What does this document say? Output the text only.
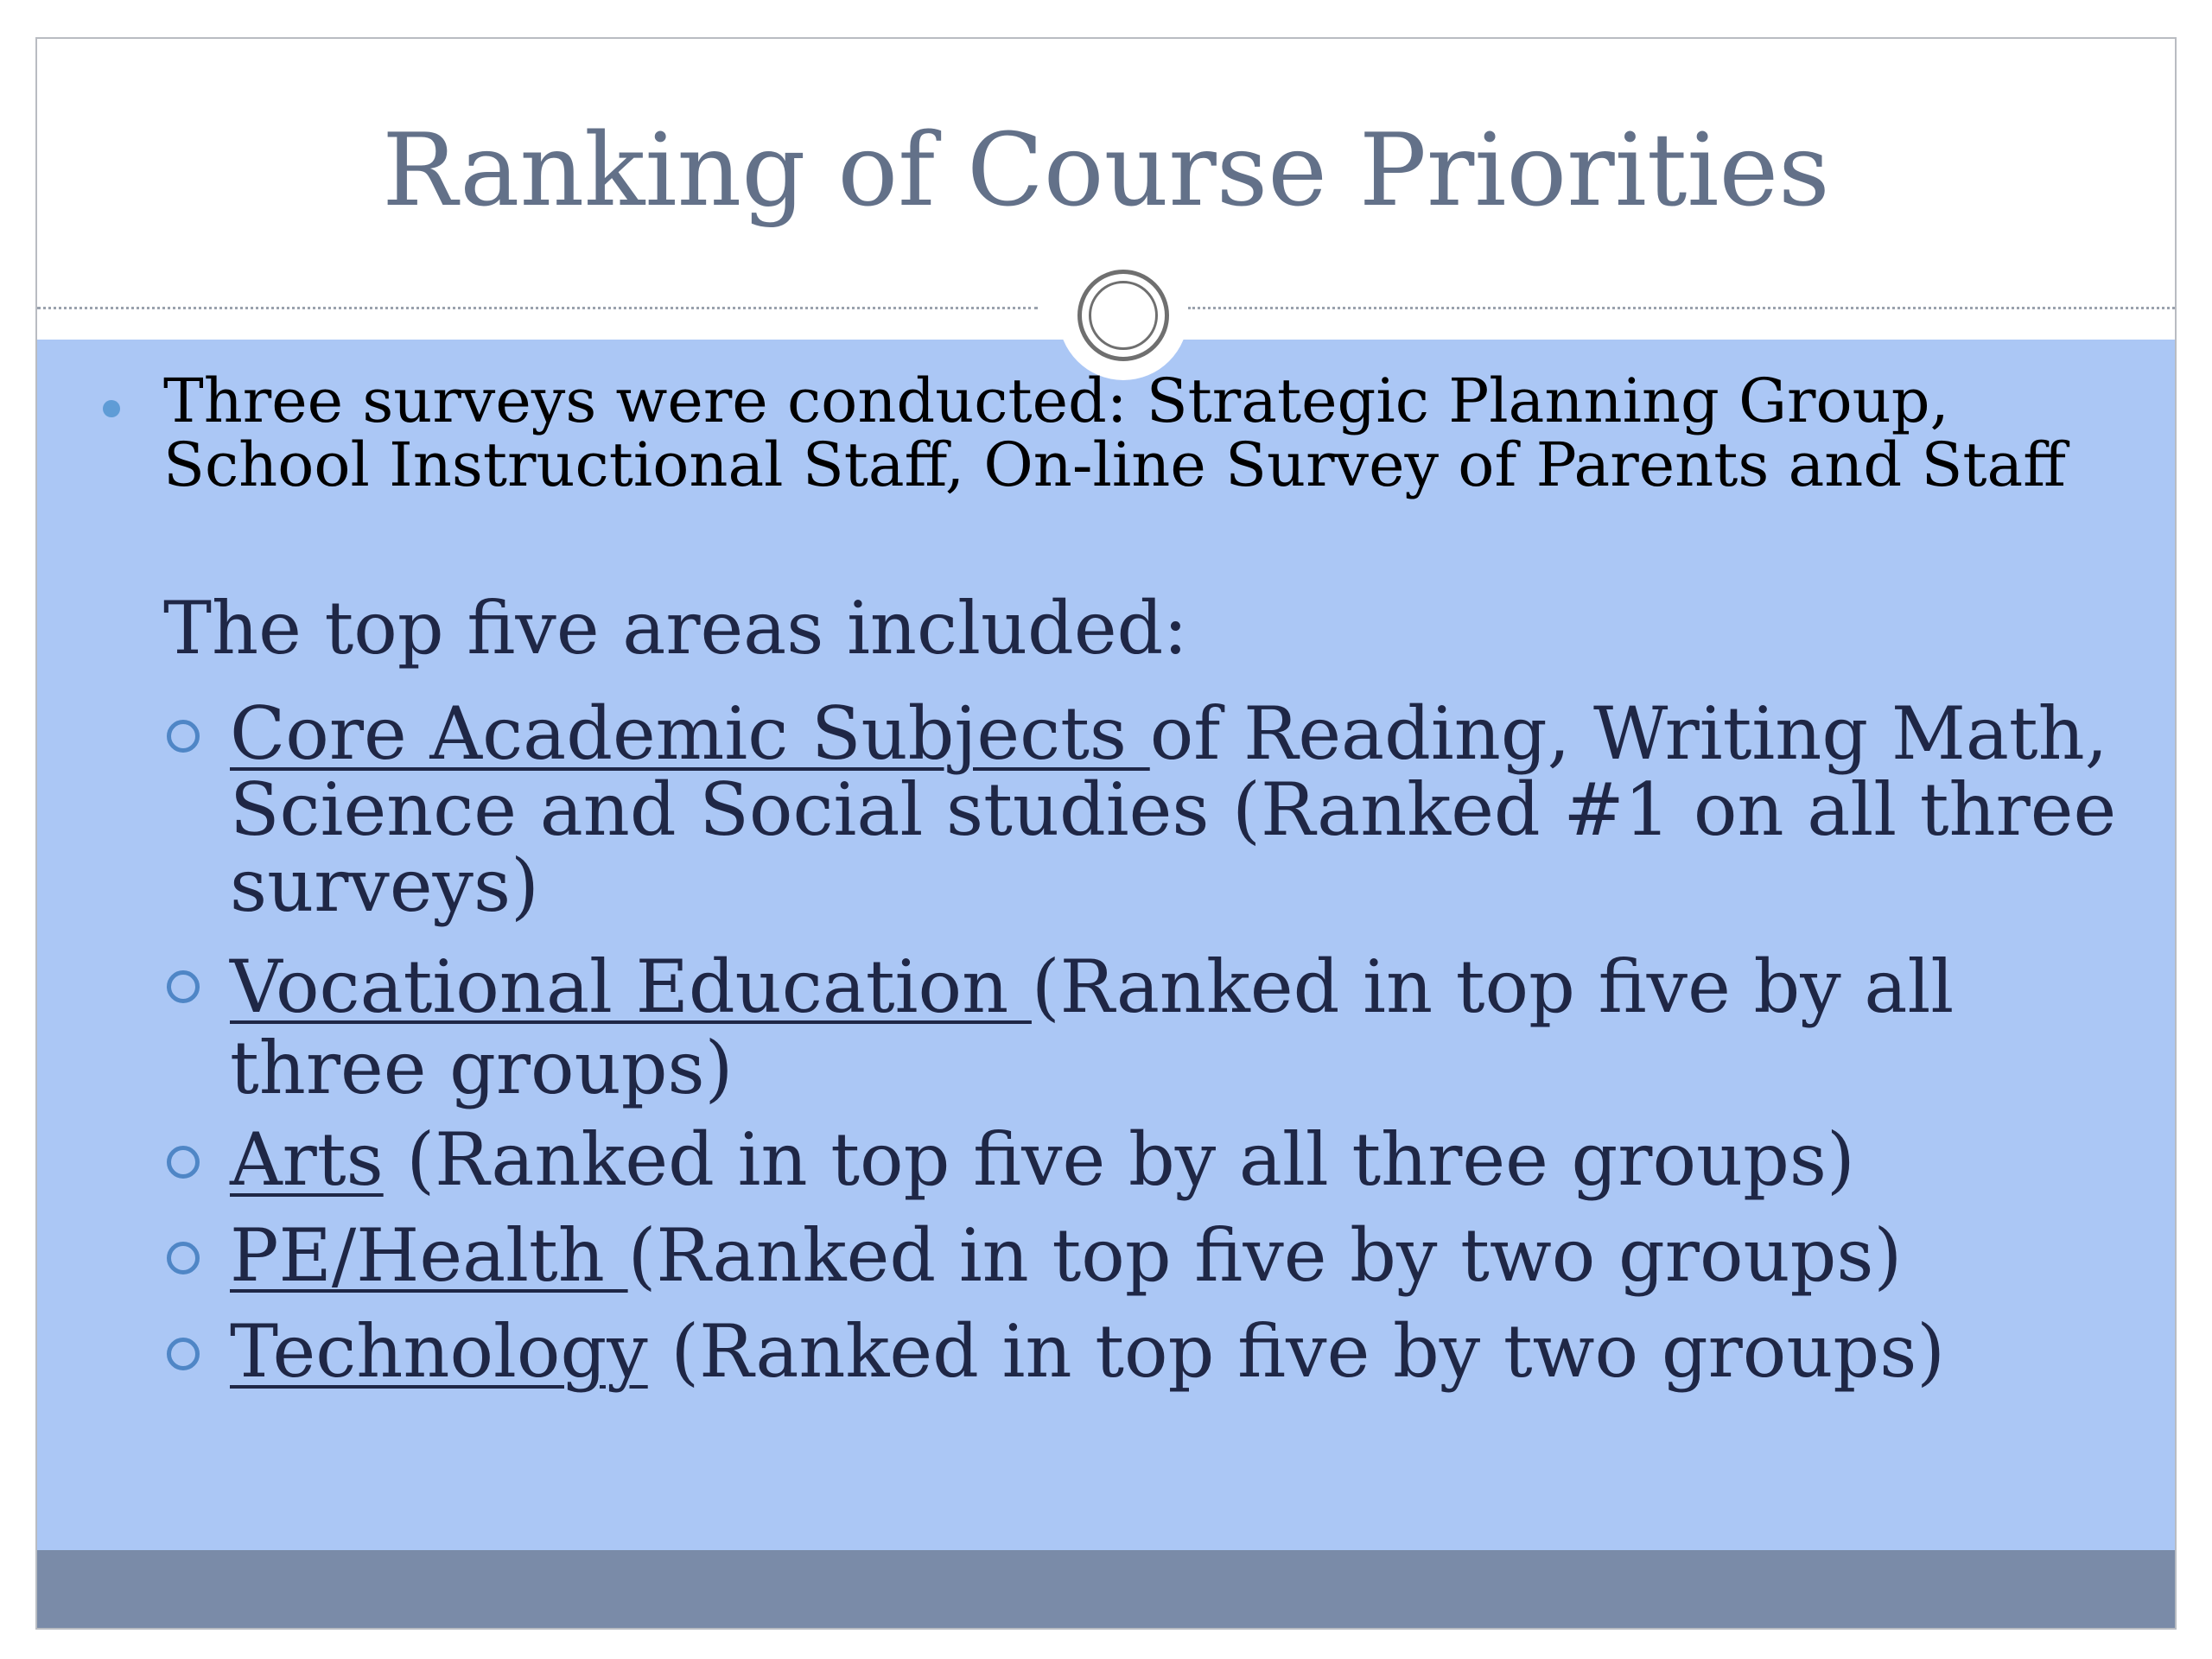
Ranking of Course Priorities
Three surveys were conducted: Strategic Planning Group, School Instructional Staff, On-line Survey of Parents and Staff
The top five areas included:
Core Academic Subjects of Reading, Writing Math, Science and Social studies (Ranked #1 on all three surveys)
Vocational Education (Ranked in top five by all three groups)
Arts (Ranked in top five by all three groups)
PE/Health (Ranked in top five by two groups)
Technology (Ranked in top five by two groups)
